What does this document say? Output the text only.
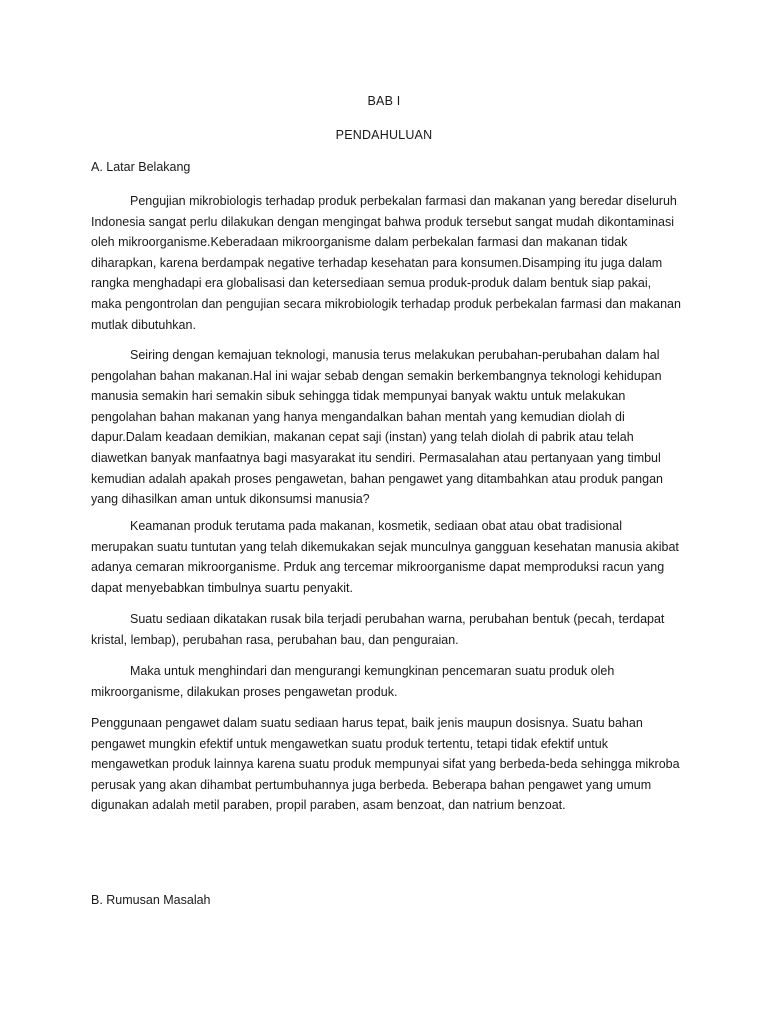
BAB I
PENDAHULUAN
A. Latar Belakang

Pengujian mikrobiologis terhadap produk perbekalan farmasi dan makanan yang beredar diseluruh Indonesia sangat perlu dilakukan dengan mengingat bahwa produk tersebut sangat mudah dikontaminasi oleh mikroorganisme.Keberadaan mikroorganisme dalam perbekalan farmasi dan makanan tidak diharapkan, karena berdampak negative terhadap kesehatan para konsumen.Disamping itu juga dalam rangka menghadapi era globalisasi dan ketersediaan semua produk-produk dalam bentuk siap pakai, maka pengontrolan dan pengujian secara mikrobiologik terhadap produk perbekalan farmasi dan makanan mutlak dibutuhkan.

Seiring dengan kemajuan teknologi, manusia terus melakukan perubahan-perubahan dalam hal pengolahan bahan makanan.Hal ini wajar sebab dengan semakin berkembangnya teknologi kehidupan manusia semakin hari semakin sibuk sehingga tidak mempunyai banyak waktu untuk melakukan pengolahan bahan makanan yang hanya mengandalkan bahan mentah yang kemudian diolah di dapur.Dalam keadaan demikian, makanan cepat saji (instan) yang telah diolah di pabrik atau telah diawetkan banyak manfaatnya bagi masyarakat itu sendiri. Permasalahan atau pertanyaan yang timbul kemudian adalah apakah proses pengawetan, bahan pengawet yang ditambahkan atau produk pangan yang dihasilkan aman untuk dikonsumsi manusia?

Keamanan produk terutama pada makanan, kosmetik, sediaan obat atau obat tradisional merupakan suatu tuntutan yang telah dikemukakan sejak munculnya gangguan kesehatan manusia akibat adanya cemaran mikroorganisme. Prduk ang tercemar mikroorganisme dapat memproduksi racun yang dapat menyebabkan timbulnya suartu penyakit.

Suatu sediaan dikatakan rusak bila terjadi perubahan warna, perubahan bentuk (pecah, terdapat kristal, lembap), perubahan rasa, perubahan bau, dan penguraian.

Maka untuk menghindari dan mengurangi kemungkinan pencemaran suatu produk oleh mikroorganisme, dilakukan proses pengawetan produk.

Penggunaan pengawet dalam suatu sediaan harus tepat, baik jenis maupun dosisnya. Suatu bahan pengawet mungkin efektif untuk mengawetkan suatu produk tertentu, tetapi tidak efektif untuk mengawetkan produk lainnya karena suatu produk mempunyai sifat yang berbeda-beda sehingga mikroba perusak yang akan dihambat pertumbuhannya juga berbeda. Beberapa bahan pengawet yang umum digunakan adalah metil paraben, propil paraben, asam benzoat, dan natrium benzoat.

B. Rumusan Masalah
